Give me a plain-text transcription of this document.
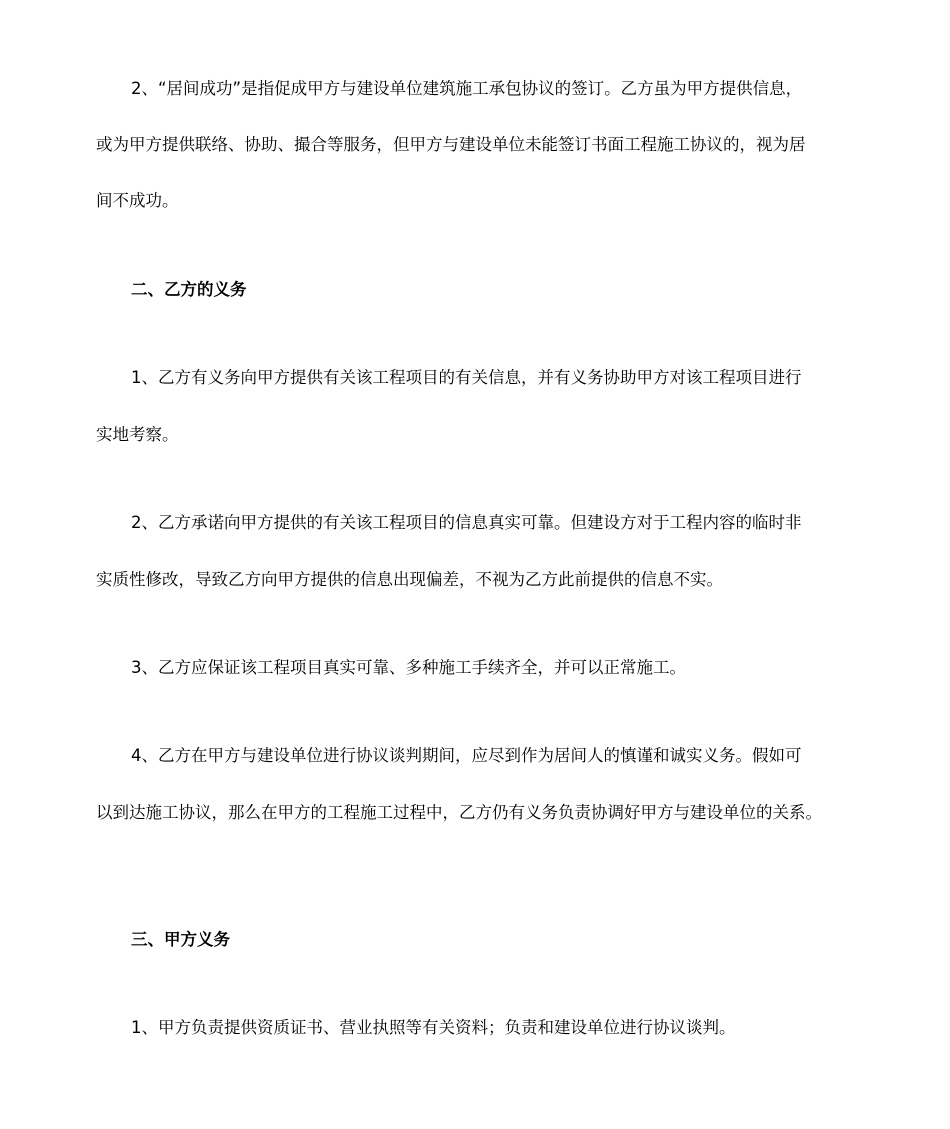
2、“居间成功”是指促成甲方与建设单位建筑施工承包协议的签订。乙方虽为甲方提供信息，
或为甲方提供联络、协助、撮合等服务，但甲方与建设单位未能签订书面工程施工协议的，视为居
间不成功。
二、乙方的义务
1、乙方有义务向甲方提供有关该工程项目的有关信息，并有义务协助甲方对该工程项目进行
实地考察。
2、乙方承诺向甲方提供的有关该工程项目的信息真实可靠。但建设方对于工程内容的临时非
实质性修改，导致乙方向甲方提供的信息出现偏差，不视为乙方此前提供的信息不实。
3、乙方应保证该工程项目真实可靠、多种施工手续齐全，并可以正常施工。
4、乙方在甲方与建设单位进行协议谈判期间，应尽到作为居间人的慎谨和诚实义务。假如可
以到达施工协议，那么在甲方的工程施工过程中，乙方仍有义务负责协调好甲方与建设单位的关系。
三、甲方义务
1、甲方负责提供资质证书、营业执照等有关资料；负责和建设单位进行协议谈判。
